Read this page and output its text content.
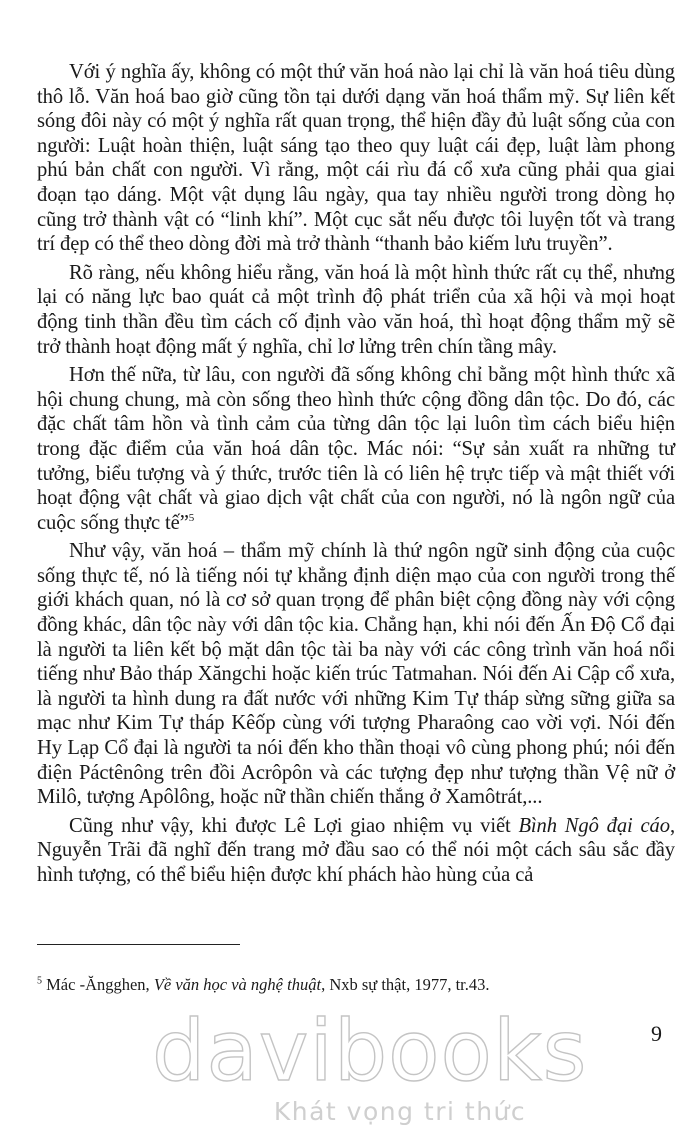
Với ý nghĩa ấy, không có một thứ văn hoá nào lại chỉ là văn hoá tiêu dùng thô lỗ. Văn hoá bao giờ cũng tồn tại dưới dạng văn hoá thẩm mỹ. Sự liên kết sóng đôi này có một ý nghĩa rất quan trọng, thể hiện đầy đủ luật sống của con người: Luật hoàn thiện, luật sáng tạo theo quy luật cái đẹp, luật làm phong phú bản chất con người. Vì rằng, một cái rìu đá cổ xưa cũng phải qua giai đoạn tạo dáng. Một vật dụng lâu ngày, qua tay nhiều người trong dòng họ cũng trở thành vật có “linh khí”. Một cục sắt nếu được tôi luyện tốt và trang trí đẹp có thể theo dòng đời mà trở thành “thanh bảo kiếm lưu truyền”.

Rõ ràng, nếu không hiểu rằng, văn hoá là một hình thức rất cụ thể, nhưng lại có năng lực bao quát cả một trình độ phát triển của xã hội và mọi hoạt động tinh thần đều tìm cách cố định vào văn hoá, thì hoạt động thẩm mỹ sẽ trở thành hoạt động mất ý nghĩa, chỉ lơ lửng trên chín tầng mây.

Hơn thế nữa, từ lâu, con người đã sống không chỉ bằng một hình thức xã hội chung chung, mà còn sống theo hình thức cộng đồng dân tộc. Do đó, các đặc chất tâm hồn và tình cảm của từng dân tộc lại luôn tìm cách biểu hiện trong đặc điểm của văn hoá dân tộc. Mác nói: “Sự sản xuất ra những tư tưởng, biểu tượng và ý thức, trước tiên là có liên hệ trực tiếp và mật thiết với hoạt động vật chất và giao dịch vật chất của con người, nó là ngôn ngữ của cuộc sống thực tế”$^5$

Như vậy, văn hoá – thẩm mỹ chính là thứ ngôn ngữ sinh động của cuộc sống thực tế, nó là tiếng nói tự khẳng định diện mạo của con người trong thế giới khách quan, nó là cơ sở quan trọng để phân biệt cộng đồng này với cộng đồng khác, dân tộc này với dân tộc kia. Chẳng hạn, khi nói đến Ấn Độ Cổ đại là người ta liên kết bộ mặt dân tộc tài ba này với các công trình văn hoá nổi tiếng như Bảo tháp Xăngchi hoặc kiến trúc Tatmahan. Nói đến Ai Cập cổ xưa, là người ta hình dung ra đất nước với những Kim Tự tháp sừng sững giữa sa mạc như Kim Tự tháp Kêốp cùng với tượng Pharaông cao vời vợi. Nói đến Hy Lạp Cổ đại là người ta nói đến kho thần thoại vô cùng phong phú; nói đến điện Páctênông trên đồi Acrôpôn và các tượng đẹp như tượng thần Vệ nữ ở Milô, tượng Apôlông, hoặc nữ thần chiến thắng ở Xamôtrát,...

Cũng như vậy, khi được Lê Lợi giao nhiệm vụ viết Bình Ngô đại cáo, Nguyễn Trãi đã nghĩ đến trang mở đầu sao có thể nói một cách sâu sắc đầy hình tượng, có thể biểu hiện được khí phách hào hùng của cả

$^5$ Mác -Ăngghen, Về văn học và nghệ thuật, Nxb sự thật, 1977, tr.43.
9
davibooks
Khát vọng tri thức
